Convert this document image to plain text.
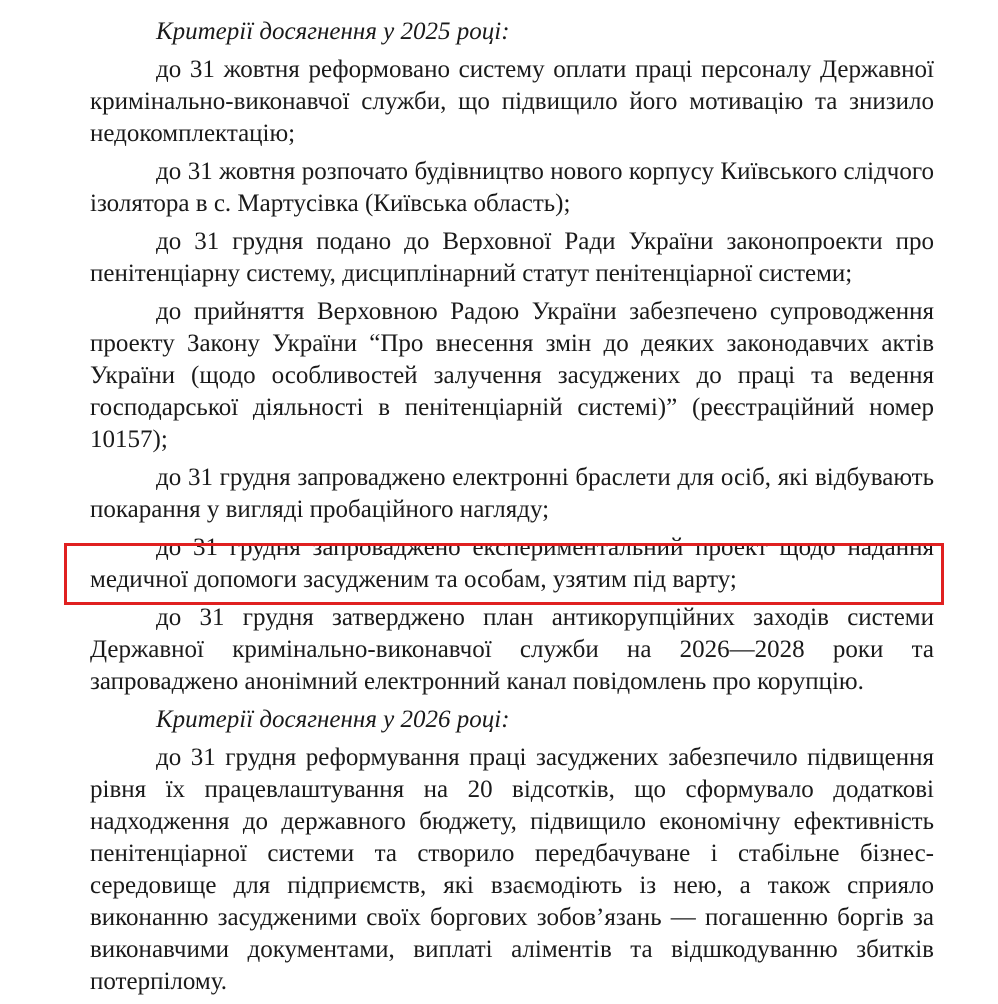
Критерії досягнення у 2025 році:

до 31 жовтня реформовано систему оплати праці персоналу Державної кримінально-виконавчої служби, що підвищило його мотивацію та знизило недокомплектацію;

до 31 жовтня розпочато будівництво нового корпусу Київського слідчого ізолятора в с. Мартусівка (Київська область);

до 31 грудня подано до Верховної Ради України законопроекти про пенітенціарну систему, дисциплінарний статут пенітенціарної системи;

до прийняття Верховною Радою України забезпечено супроводження проекту Закону України “Про внесення змін до деяких законодавчих актів України (щодо особливостей залучення засуджених до праці та ведення господарської діяльності в пенітенціарній системі)” (реєстраційний номер 10157);

до 31 грудня запроваджено електронні браслети для осіб, які відбувають покарання у вигляді пробаційного нагляду;

до 31 грудня запроваджено експериментальний проект щодо надання медичної допомоги засудженим та особам, узятим під варту;

до 31 грудня затверджено план антикорупційних заходів системи Державної кримінально-виконавчої служби на 2026—2028 роки та запроваджено анонімний електронний канал повідомлень про корупцію.

Критерії досягнення у 2026 році:

до 31 грудня реформування праці засуджених забезпечило підвищення рівня їх працевлаштування на 20 відсотків, що сформувало додаткові надходження до державного бюджету, підвищило економічну ефективність пенітенціарної системи та створило передбачуване і стабільне бізнес-середовище для підприємств, які взаємодіють із нею, а також сприяло виконанню засудженими своїх боргових зобов’язань — погашенню боргів за виконавчими документами, виплаті аліментів та відшкодуванню збитків потерпілому.
